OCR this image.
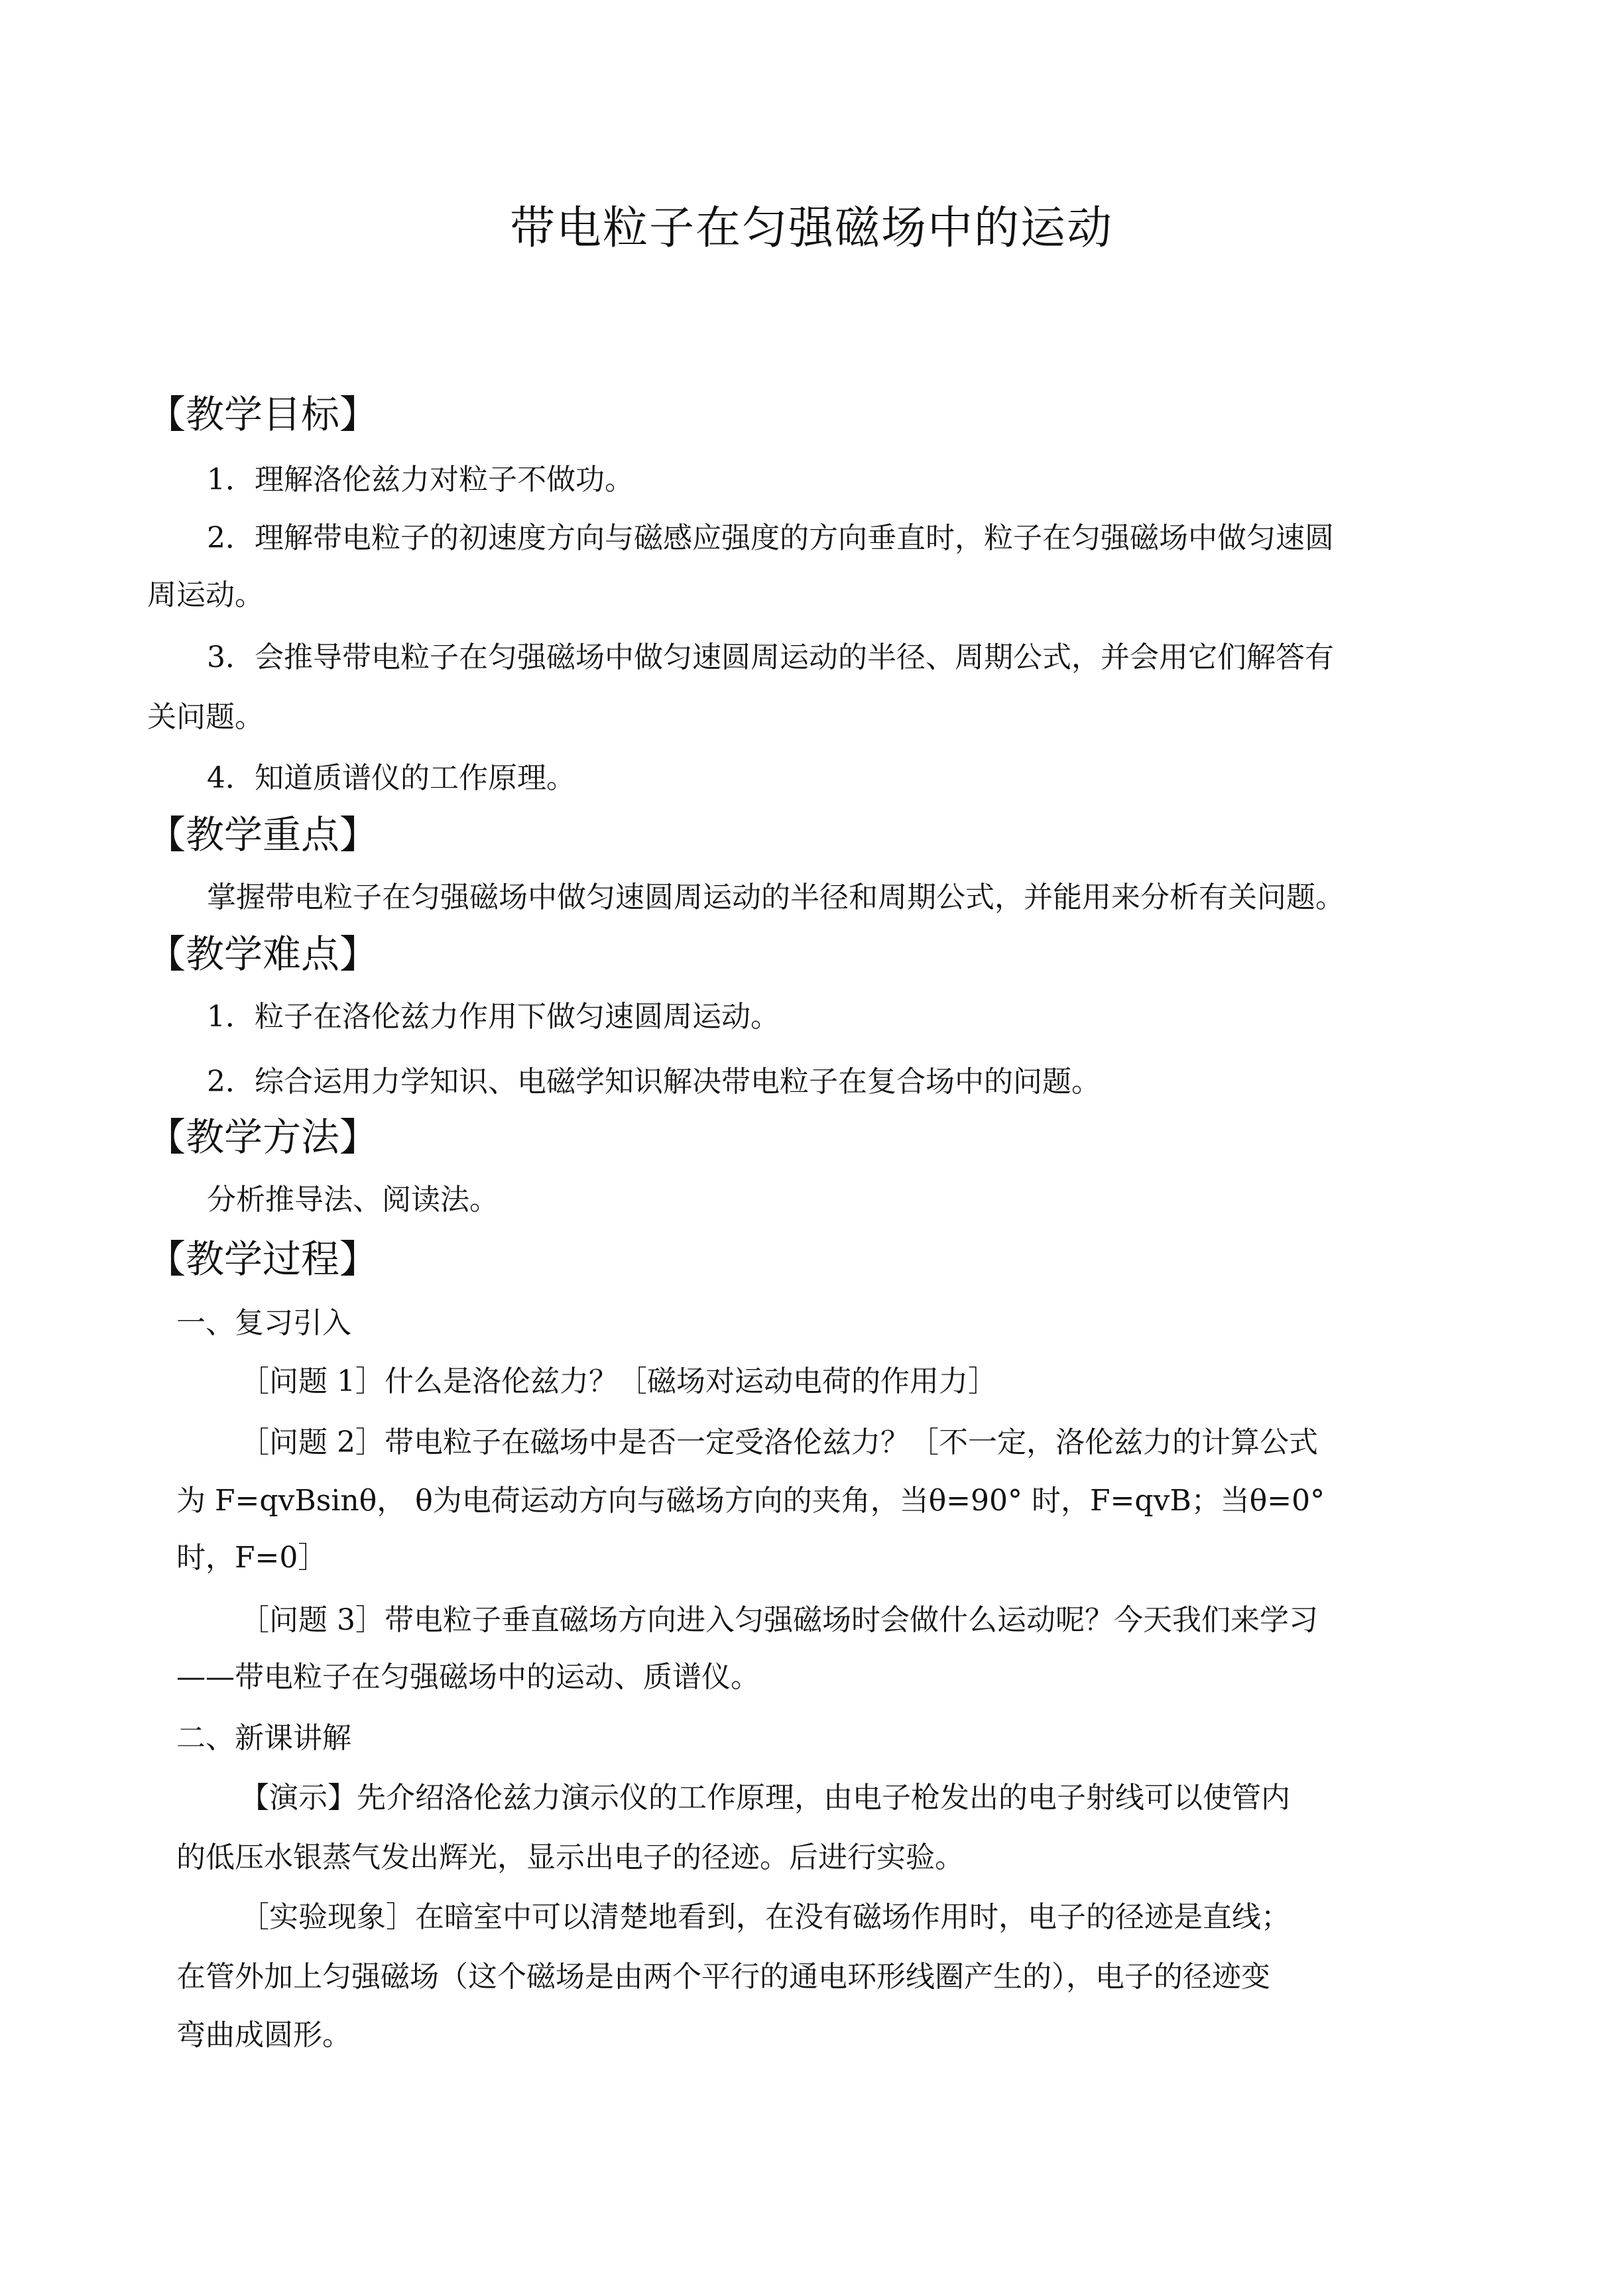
带电粒子在匀强磁场中的运动
【教学目标】
1．理解洛伦兹力对粒子不做功。
2．理解带电粒子的初速度方向与磁感应强度的方向垂直时，粒子在匀强磁场中做匀速圆
周运动。
3．会推导带电粒子在匀强磁场中做匀速圆周运动的半径、周期公式，并会用它们解答有
关问题。
4．知道质谱仪的工作原理。
【教学重点】
掌握带电粒子在匀强磁场中做匀速圆周运动的半径和周期公式，并能用来分析有关问题。
【教学难点】
1．粒子在洛伦兹力作用下做匀速圆周运动。
2．综合运用力学知识、电磁学知识解决带电粒子在复合场中的问题。
【教学方法】
分析推导法、阅读法。
【教学过程】
一、复习引入
［问题 1］什么是洛伦兹力？［磁场对运动电荷的作用力］
［问题 2］带电粒子在磁场中是否一定受洛伦兹力？［不一定，洛伦兹力的计算公式
为 F=qvBsinθ， θ为电荷运动方向与磁场方向的夹角，当θ=90° 时，F=qvB；当θ=0°
时，F=0］
［问题 3］带电粒子垂直磁场方向进入匀强磁场时会做什么运动呢？今天我们来学习
——带电粒子在匀强磁场中的运动、质谱仪。
二、新课讲解
【演示】先介绍洛伦兹力演示仪的工作原理，由电子枪发出的电子射线可以使管内
的低压水银蒸气发出辉光，显示出电子的径迹。后进行实验。
［实验现象］在暗室中可以清楚地看到，在没有磁场作用时，电子的径迹是直线；
在管外加上匀强磁场（这个磁场是由两个平行的通电环形线圈产生的），电子的径迹变
弯曲成圆形。
